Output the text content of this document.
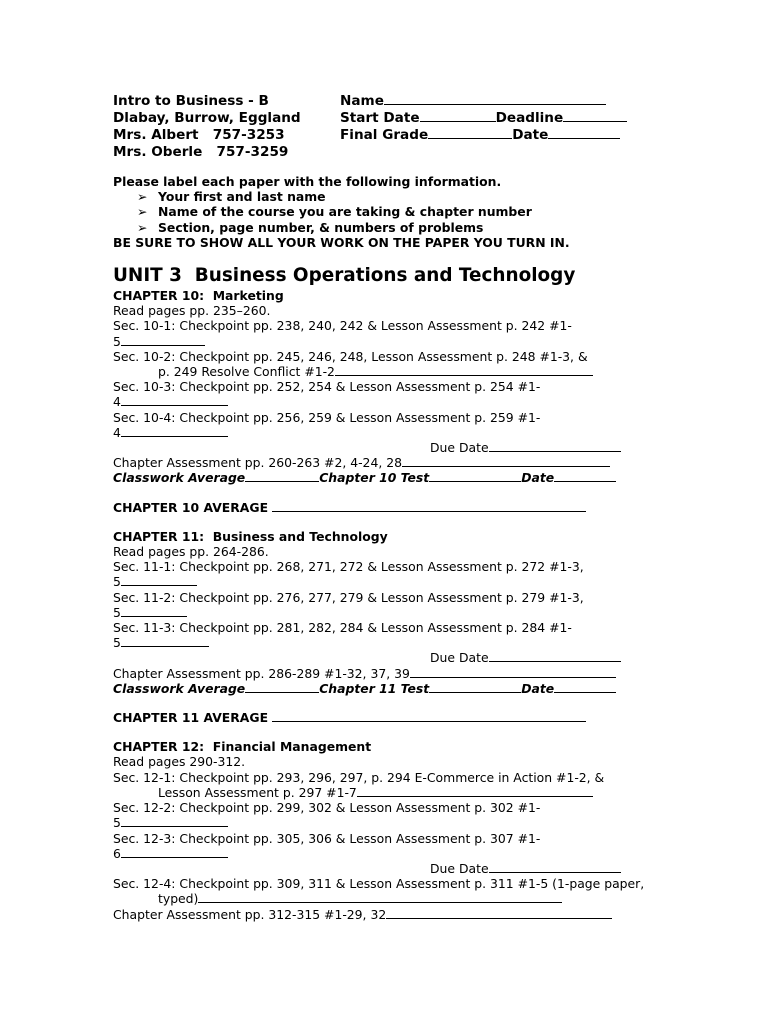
Intro to Business - B
Dlabay, Burrow, Eggland
Mrs. Albert   757-3253
Mrs. Oberle   757-3259
Name
Start Date	Deadline
Final Grade	Date
Please label each paper with the following information.
➢ Your first and last name
➢ Name of the course you are taking & chapter number
➢ Section, page number, & numbers of problems
BE SURE TO SHOW ALL YOUR WORK ON THE PAPER YOU TURN IN.
UNIT 3  Business Operations and Technology
CHAPTER 10:  Marketing
Read pages pp. 235–260.
Sec. 10-1: Checkpoint pp. 238, 240, 242 & Lesson Assessment p. 242 #1-
5
Sec. 10-2: Checkpoint pp. 245, 246, 248, Lesson Assessment p. 248 #1-3, &
p. 249 Resolve Conflict #1-2
Sec. 10-3: Checkpoint pp. 252, 254 & Lesson Assessment p. 254 #1-
4
Sec. 10-4: Checkpoint pp. 256, 259 & Lesson Assessment p. 259 #1-
4
Due Date
Chapter Assessment pp. 260-263 #2, 4-24, 28
Classwork Average	Chapter 10 Test	Date
CHAPTER 10 AVERAGE
CHAPTER 11:  Business and Technology
Read pages pp. 264-286.
Sec. 11-1: Checkpoint pp. 268, 271, 272 & Lesson Assessment p. 272 #1-3,
5
Sec. 11-2: Checkpoint pp. 276, 277, 279 & Lesson Assessment p. 279 #1-3,
5
Sec. 11-3: Checkpoint pp. 281, 282, 284 & Lesson Assessment p. 284 #1-
5
Due Date
Chapter Assessment pp. 286-289 #1-32, 37, 39
Classwork Average	Chapter 11 Test	Date
CHAPTER 11 AVERAGE
CHAPTER 12:  Financial Management
Read pages 290-312.
Sec. 12-1: Checkpoint pp. 293, 296, 297, p. 294 E-Commerce in Action #1-2, &
Lesson Assessment p. 297 #1-7
Sec. 12-2: Checkpoint pp. 299, 302 & Lesson Assessment p. 302 #1-
5
Sec. 12-3: Checkpoint pp. 305, 306 & Lesson Assessment p. 307 #1-
6
Due Date
Sec. 12-4: Checkpoint pp. 309, 311 & Lesson Assessment p. 311 #1-5 (1-page paper,
typed)
Chapter Assessment pp. 312-315 #1-29, 32
